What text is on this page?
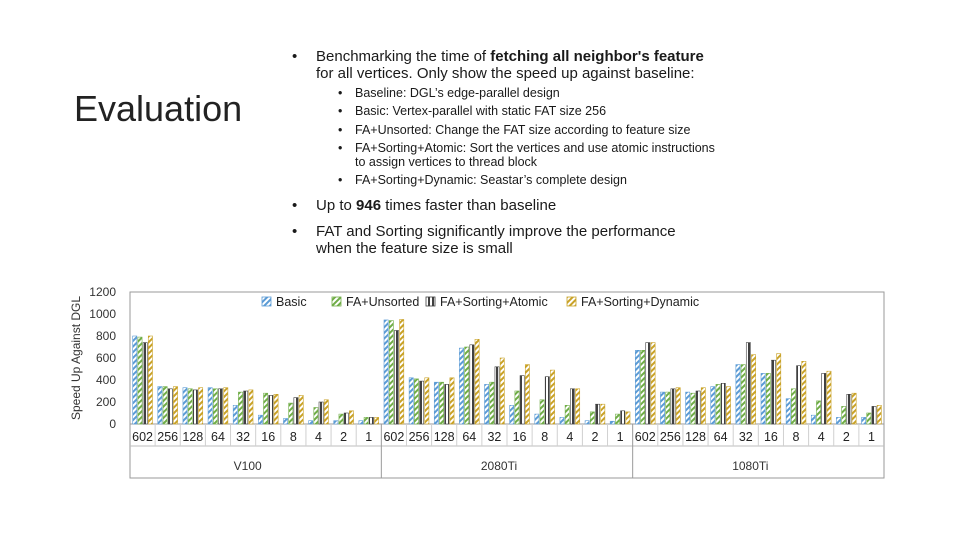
Evaluation
• Benchmarking the time of fetching all neighbor's feature
for all vertices. Only show the speed up against baseline:
• Baseline: DGL’s edge-parallel design
• Basic: Vertex-parallel with static FAT size 256
• FA+Unsorted: Change the FAT size according to feature size
• FA+Sorting+Atomic: Sort the vertices and use atomic instructions
to assign vertices to thread block
• FA+Sorting+Dynamic: Seastar’s complete design
• Up to 946 times faster than baseline
• FAT and Sorting significantly improve the performance
when the feature size is small
0
200
400
600
800
1000
1200
Speed Up Against DGL
V100
602 256 128 64 32 16 8 4 2 1
2080Ti
602 256 128 64 32 16 8 4 2 1
1080Ti
602 256 128 64 32 16 8 4 2 1
Basic	FA+Unsorted FA+Sorting+Atomic	FA+Sorting+Dynamic
